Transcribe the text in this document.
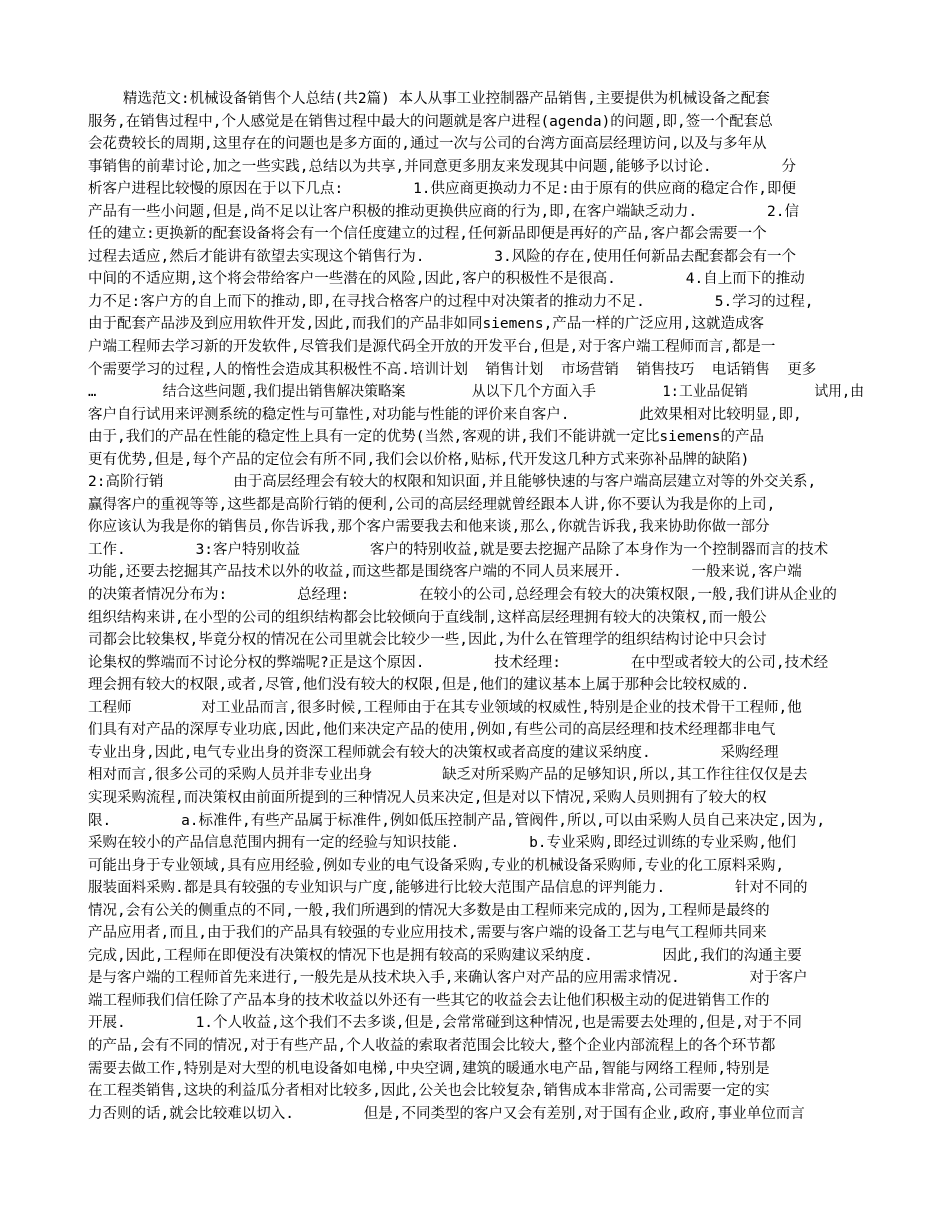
精选范文:机械设备销售个人总结(共2篇) 本人从事工业控制器产品销售,主要提供为机械设备之配套
服务,在销售过程中,个人感觉是在销售过程中最大的问题就是客户进程(agenda)的问题,即,签一个配套总
会花费较长的周期,这里存在的问题也是多方面的,通过一次与公司的台湾方面高层经理访问,以及与多年从
事销售的前辈讨论,加之一些实践,总结以为共享,并同意更多朋友来发现其中问题,能够予以讨论.        分
析客户进程比较慢的原因在于以下几点:        1.供应商更换动力不足:由于原有的供应商的稳定合作,即便
产品有一些小问题,但是,尚不足以让客户积极的推动更换供应商的行为,即,在客户端缺乏动力.        2.信
任的建立:更换新的配套设备将会有一个信任度建立的过程,任何新品即便是再好的产品,客户都会需要一个
过程去适应,然后才能讲有欲望去实现这个销售行为.        3.风险的存在,使用任何新品去配套都会有一个
中间的不适应期,这个将会带给客户一些潜在的风险,因此,客户的积极性不是很高.        4.自上而下的推动
力不足:客户方的自上而下的推动,即,在寻找合格客户的过程中对决策者的推动力不足.        5.学习的过程,
由于配套产品涉及到应用软件开发,因此,而我们的产品非如同siemens,产品一样的广泛应用,这就造成客
户端工程师去学习新的开发软件,尽管我们是源代码全开放的开发平台,但是,对于客户端工程师而言,都是一
个需要学习的过程,人的惰性会造成其积极性不高.培训计划  销售计划  市场营销  销售技巧  电话销售  更多
…        结合这些问题,我们提出销售解决策略案        从以下几个方面入手        1:工业品促销        试用,由
客户自行试用来评测系统的稳定性与可靠性,对功能与性能的评价来自客户.        此效果相对比较明显,即,
由于,我们的产品在性能的稳定性上具有一定的优势(当然,客观的讲,我们不能讲就一定比siemens的产品
更有优势,但是,每个产品的定位会有所不同,我们会以价格,贴标,代开发这几种方式来弥补品牌的缺陷)
2:高阶行销        由于高层经理会有较大的权限和知识面,并且能够快速的与客户端高层建立对等的外交关系,
赢得客户的重视等等,这些都是高阶行销的便利,公司的高层经理就曾经跟本人讲,你不要认为我是你的上司,
你应该认为我是你的销售员,你告诉我,那个客户需要我去和他来谈,那么,你就告诉我,我来协助你做一部分
工作.        3:客户特别收益        客户的特别收益,就是要去挖掘产品除了本身作为一个控制器而言的技术
功能,还要去挖掘其产品技术以外的收益,而这些都是围绕客户端的不同人员来展开.        一般来说,客户端
的决策者情况分布为:        总经理:        在较小的公司,总经理会有较大的决策权限,一般,我们讲从企业的
组织结构来讲,在小型的公司的组织结构都会比较倾向于直线制,这样高层经理拥有较大的决策权,而一般公
司都会比较集权,毕竟分权的情况在公司里就会比较少一些,因此,为什么在管理学的组织结构讨论中只会讨
论集权的弊端而不讨论分权的弊端呢?正是这个原因.        技术经理:        在中型或者较大的公司,技术经
理会拥有较大的权限,或者,尽管,他们没有较大的权限,但是,他们的建议基本上属于那种会比较权威的.
工程师        对工业品而言,很多时候,工程师由于在其专业领域的权威性,特别是企业的技术骨干工程师,他
们具有对产品的深厚专业功底,因此,他们来决定产品的使用,例如,有些公司的高层经理和技术经理都非电气
专业出身,因此,电气专业出身的资深工程师就会有较大的决策权或者高度的建议采纳度.        采购经理
相对而言,很多公司的采购人员并非专业出身        缺乏对所采购产品的足够知识,所以,其工作往往仅仅是去
实现采购流程,而决策权由前面所提到的三种情况人员来决定,但是对以下情况,采购人员则拥有了较大的权
限.        a.标准件,有些产品属于标准件,例如低压控制产品,管阀件,所以,可以由采购人员自己来决定,因为,
采购在较小的产品信息范围内拥有一定的经验与知识技能.        b.专业采购,即经过训练的专业采购,他们
可能出身于专业领域,具有应用经验,例如专业的电气设备采购,专业的机械设备采购师,专业的化工原料采购,
服装面料采购.都是具有较强的专业知识与广度,能够进行比较大范围产品信息的评判能力.        针对不同的
情况,会有公关的侧重点的不同,一般,我们所遇到的情况大多数是由工程师来完成的,因为,工程师是最终的
产品应用者,而且,由于我们的产品具有较强的专业应用技术,需要与客户端的设备工艺与电气工程师共同来
完成,因此,工程师在即便没有决策权的情况下也是拥有较高的采购建议采纳度.        因此,我们的沟通主要
是与客户端的工程师首先来进行,一般先是从技术块入手,来确认客户对产品的应用需求情况.        对于客户
端工程师我们信任除了产品本身的技术收益以外还有一些其它的收益会去让他们积极主动的促进销售工作的
开展.        1.个人收益,这个我们不去多谈,但是,会常常碰到这种情况,也是需要去处理的,但是,对于不同
的产品,会有不同的情况,对于有些产品,个人收益的索取者范围会比较大,整个企业内部流程上的各个环节都
需要去做工作,特别是对大型的机电设备如电梯,中央空调,建筑的暖通水电产品,智能与网络工程师,特别是
在工程类销售,这块的利益瓜分者相对比较多,因此,公关也会比较复杂,销售成本非常高,公司需要一定的实
力否则的话,就会比较难以切入.        但是,不同类型的客户又会有差别,对于国有企业,政府,事业单位而言
